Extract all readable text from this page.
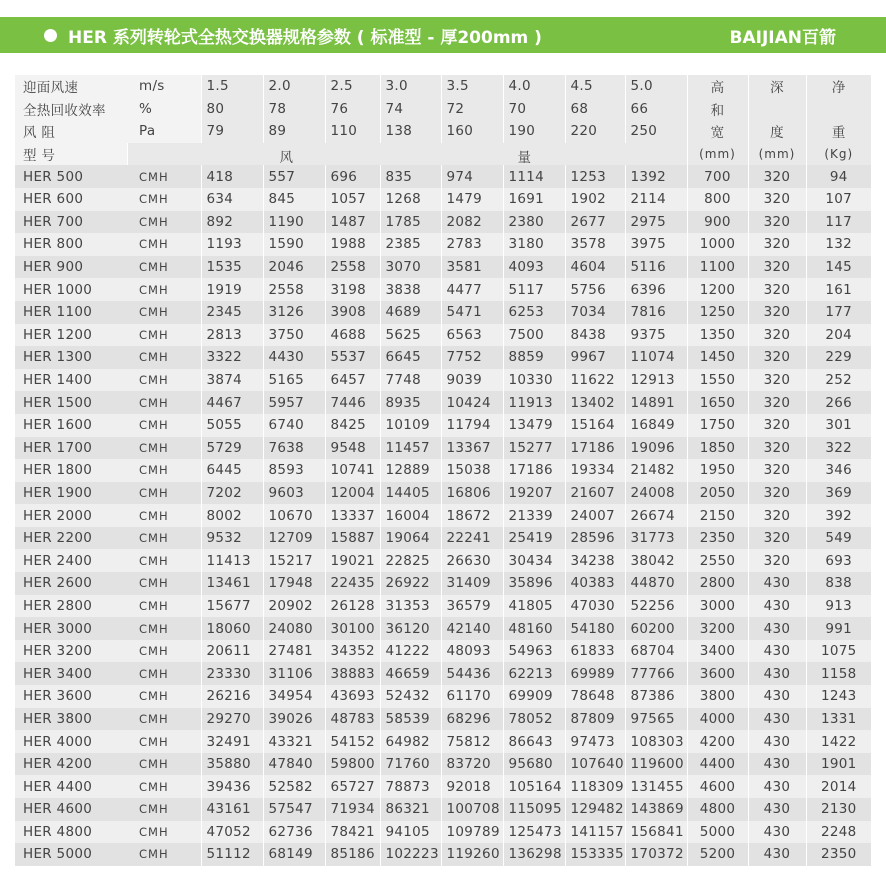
HER 系列转轮式全热交换器规格参数 ( 标准型 - 厚200mm )	BAIJIAN百箭
迎面风速	m/s	1.5	2.0	2.5	3.0	3.5	4.0	4.5	5.0	高	深	净
全热回收效率	%	80	78	76	74	72	70	68	66	和		
风 阻	Pa	79	89	110	138	160	190	220	250	宽	度	重
型 号	风 量									(mm)	(mm)	(Kg)
HER 500	CMH	418	557	696	835	974	1114	1253	1392	700	320	94
HER 600	CMH	634	845	1057	1268	1479	1691	1902	2114	800	320	107
HER 700	CMH	892	1190	1487	1785	2082	2380	2677	2975	900	320	117
HER 800	CMH	1193	1590	1988	2385	2783	3180	3578	3975	1000	320	132
HER 900	CMH	1535	2046	2558	3070	3581	4093	4604	5116	1100	320	145
HER 1000	CMH	1919	2558	3198	3838	4477	5117	5756	6396	1200	320	161
HER 1100	CMH	2345	3126	3908	4689	5471	6253	7034	7816	1250	320	177
HER 1200	CMH	2813	3750	4688	5625	6563	7500	8438	9375	1350	320	204
HER 1300	CMH	3322	4430	5537	6645	7752	8859	9967	11074	1450	320	229
HER 1400	CMH	3874	5165	6457	7748	9039	10330	11622	12913	1550	320	252
HER 1500	CMH	4467	5957	7446	8935	10424	11913	13402	14891	1650	320	266
HER 1600	CMH	5055	6740	8425	10109	11794	13479	15164	16849	1750	320	301
HER 1700	CMH	5729	7638	9548	11457	13367	15277	17186	19096	1850	320	322
HER 1800	CMH	6445	8593	10741	12889	15038	17186	19334	21482	1950	320	346
HER 1900	CMH	7202	9603	12004	14405	16806	19207	21607	24008	2050	320	369
HER 2000	CMH	8002	10670	13337	16004	18672	21339	24007	26674	2150	320	392
HER 2200	CMH	9532	12709	15887	19064	22241	25419	28596	31773	2350	320	549
HER 2400	CMH	11413	15217	19021	22825	26630	30434	34238	38042	2550	320	693
HER 2600	CMH	13461	17948	22435	26922	31409	35896	40383	44870	2800	430	838
HER 2800	CMH	15677	20902	26128	31353	36579	41805	47030	52256	3000	430	913
HER 3000	CMH	18060	24080	30100	36120	42140	48160	54180	60200	3200	430	991
HER 3200	CMH	20611	27481	34352	41222	48093	54963	61833	68704	3400	430	1075
HER 3400	CMH	23330	31106	38883	46659	54436	62213	69989	77766	3600	430	1158
HER 3600	CMH	26216	34954	43693	52432	61170	69909	78648	87386	3800	430	1243
HER 3800	CMH	29270	39026	48783	58539	68296	78052	87809	97565	4000	430	1331
HER 4000	CMH	32491	43321	54152	64982	75812	86643	97473	108303	4200	430	1422
HER 4200	CMH	35880	47840	59800	71760	83720	95680	107640	119600	4400	430	1901
HER 4400	CMH	39436	52582	65727	78873	92018	105164	118309	131455	4600	430	2014
HER 4600	CMH	43161	57547	71934	86321	100708	115095	129482	143869	4800	430	2130
HER 4800	CMH	47052	62736	78421	94105	109789	125473	141157	156841	5000	430	2248
HER 5000	CMH	51112	68149	85186	102223	119260	136298	153335	170372	5200	430	2350
